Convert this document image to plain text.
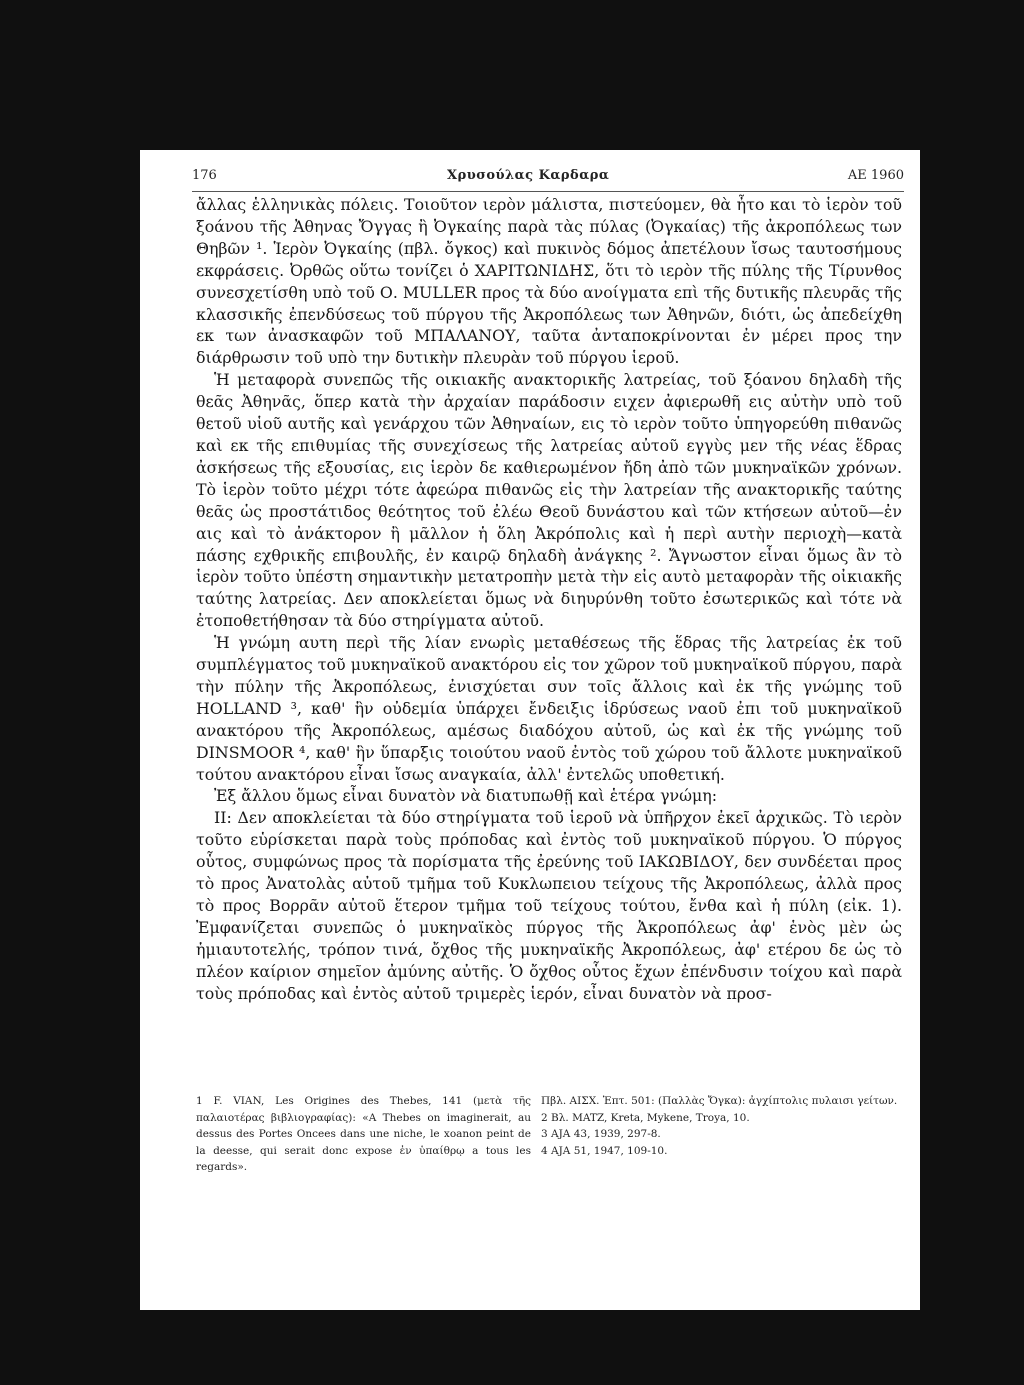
176	Χρυσούλας Καρδαρα	ΑΕ 1960

ἄλλας ἑλληνικὰς πόλεις. Τοιοῦτον ιερὸν μάλιστα, πιστεύομεν, θὰ ἦτο και τὸ ἱερὸν τοῦ ξοάνου τῆς Ἀθηνας Ὄγγας ἢ Ὀγκαίης παρὰ τὰς πύλας (Ὀγκαίας) τῆς ἀκροπόλεως των Θηβῶν ¹. Ἱερὸν Ὀγκαίης (πβλ. ὄγκος) καὶ πυκινὸς δόμος ἀπετέλουν ἴσως ταυτοσήμους εκφράσεις. Ὀρθῶς οὕτω τονίζει ὁ ΧΑΡΙΤΩΝΙΔΗΣ, ὅτι τὸ ιερὸν τῆς πύλης τῆς Τίρυνθος συνεσχετίσθη υπὸ τοῦ Ο. MULLER προς τὰ δύο ανοίγματα επὶ τῆς δυτικῆς πλευρᾶς τῆς κλασσικῆς ἐπενδύσεως τοῦ πύργου τῆς Ἀκροπόλεως των Ἀθηνῶν, διότι, ὡς ἀπεδείχθη εκ των ἀνασκαφῶν τοῦ ΜΠΑΛΑΝΟΥ, ταῦτα ἀνταποκρίνονται ἐν μέρει προς την διάρθρωσιν τοῦ υπὸ την δυτικὴν πλευρὰν τοῦ πύργου ἱεροῦ.

Ἡ μεταφορὰ συνεπῶς τῆς οικιακῆς ανακτορικῆς λατρείας, τοῦ ξόανου δηλαδὴ τῆς θεᾶς Ἀθηνᾶς, ὅπερ κατὰ τὴν ἀρχαίαν παράδοσιν ειχεν ἀφιερωθῆ εις αὐτὴν υπὸ τοῦ θετοῦ υἱοῦ αυτῆς καὶ γενάρχου τῶν Ἀθηναίων, εις τὸ ιερὸν τοῦτο ὑπηγορεύθη πιθανῶς καὶ εκ τῆς επιθυμίας τῆς συνεχίσεως τῆς λατρείας αὐτοῦ εγγὺς μεν τῆς νέας ἕδρας ἀσκήσεως τῆς εξουσίας, εις ἱερὸν δε καθιερωμένον ἤδη ἀπὸ τῶν μυκηναϊκῶν χρόνων. Τὸ ἱερὸν τοῦτο μέχρι τότε ἀφεώρα πιθανῶς εἰς τὴν λατρείαν τῆς ανακτορικῆς ταύτης θεᾶς ὡς προστάτιδος θεότητος τοῦ ἐλέω Θεοῦ δυνάστου καὶ τῶν κτήσεων αὐτοῦ—ἐν αις καὶ τὸ ἀνάκτορον ἢ μᾶλλον ἡ ὅλη Ἀκρόπολις καὶ ἡ περὶ αυτὴν περιοχὴ—κατὰ πάσης εχθρικῆς επιβουλῆς, ἐν καιρῷ δηλαδὴ ἀνάγκης ². Ἄγνωστον εἶναι ὅμως ἂν τὸ ἱερὸν τοῦτο ὑπέστη σημαντικὴν μετατροπὴν μετὰ τὴν εἰς αυτὸ μεταφορὰν τῆς οἰκιακῆς ταύτης λατρείας. Δεν αποκλείεται ὅμως νὰ διηυρύνθη τοῦτο ἐσωτερικῶς καὶ τότε νὰ ἐτοποθετήθησαν τὰ δύο στηρίγματα αὐτοῦ.

Ἡ γνώμη αυτη περὶ τῆς λίαν ενωρὶς μεταθέσεως τῆς ἕδρας τῆς λατρείας ἐκ τοῦ συμπλέγματος τοῦ μυκηναϊκοῦ ανακτόρου εἰς τον χῶρον τοῦ μυκηναϊκοῦ πύργου, παρὰ τὴν πύλην τῆς Ἀκροπόλεως, ἐνισχύεται συν τοῖς ἄλλοις καὶ ἐκ τῆς γνώμης τοῦ HOLLAND ³, καθ' ἣν οὐδεμία ὑπάρχει ἔνδειξις ἱδρύσεως ναοῦ ἐπι τοῦ μυκηναϊκοῦ ανακτόρου τῆς Ἀκροπόλεως, αμέσως διαδόχου αὐτοῦ, ὡς καὶ ἐκ τῆς γνώμης τοῦ DINSMOOR ⁴, καθ' ἣν ὕπαρξις τοιούτου ναοῦ ἐντὸς τοῦ χώρου τοῦ ἄλλοτε μυκηναϊκοῦ τούτου ανακτόρου εἶναι ἴσως αναγκαία, ἀλλ' ἐντελῶς υποθετική.

Ἐξ ἄλλου ὅμως εἶναι δυνατὸν νὰ διατυπωθῇ καὶ ἑτέρα γνώμη:

II: Δεν αποκλείεται τὰ δύο στηρίγματα τοῦ ἱεροῦ νὰ ὑπῆρχον ἐκεῖ ἀρχικῶς. Τὸ ιερὸν τοῦτο εὑρίσκεται παρὰ τοὺς πρόποδας καὶ ἐντὸς τοῦ μυκηναϊκοῦ πύργου. Ὁ πύργος οὗτος, συμφώνως προς τὰ πορίσματα τῆς ἐρεύνης τοῦ ΙΑΚΩΒΙΔΟΥ, δεν συνδέεται προς τὸ προς Ἀνατολὰς αὐτοῦ τμῆμα τοῦ Κυκλωπειου τείχους τῆς Ἀκροπόλεως, ἀλλὰ προς τὸ προς Βορρᾶν αὐτοῦ ἕτερον τμῆμα τοῦ τείχους τούτου, ἔνθα καὶ ἡ πύλη (εἰκ. 1). Ἐμφανίζεται συνεπῶς ὁ μυκηναϊκὸς πύργος τῆς Ἀκροπόλεως ἀφ' ἑνὸς μὲν ὡς ἡμιαυτοτελής, τρόπον τινά, ὄχθος τῆς μυκηναϊκῆς Ἀκροπόλεως, ἀφ' ετέρου δε ὡς τὸ πλέον καίριον σημεῖον ἀμύνης αὐτῆς. Ὁ ὄχθος οὗτος ἔχων ἐπένδυσιν τοίχου καὶ παρὰ τοὺς πρόποδας καὶ ἐντὸς αὐτοῦ τριμερὲς ἱερόν, εἶναι δυνατὸν νὰ προσ-

1 F. VIAN, Les Origines des Thebes, 141 (μετὰ τῆς παλαιοτέρας βιβλιογραφίας): «A Thebes on imaginerait, au dessus des Portes Oncees dans une niche, le xoanon peint de la deesse, qui serait donc expose ἐν ὑπαίθρῳ a tous les regards».

Πβλ. ΑΙΣΧ. Ἑπτ. 501: (Παλλὰς Ὄγκα): ἀγχίπτολις πυλαισι γείτων.

2 Βλ. MATZ, Kreta, Mykene, Troya, 10.

3 AJA 43, 1939, 297-8.

4 AJA 51, 1947, 109-10.
